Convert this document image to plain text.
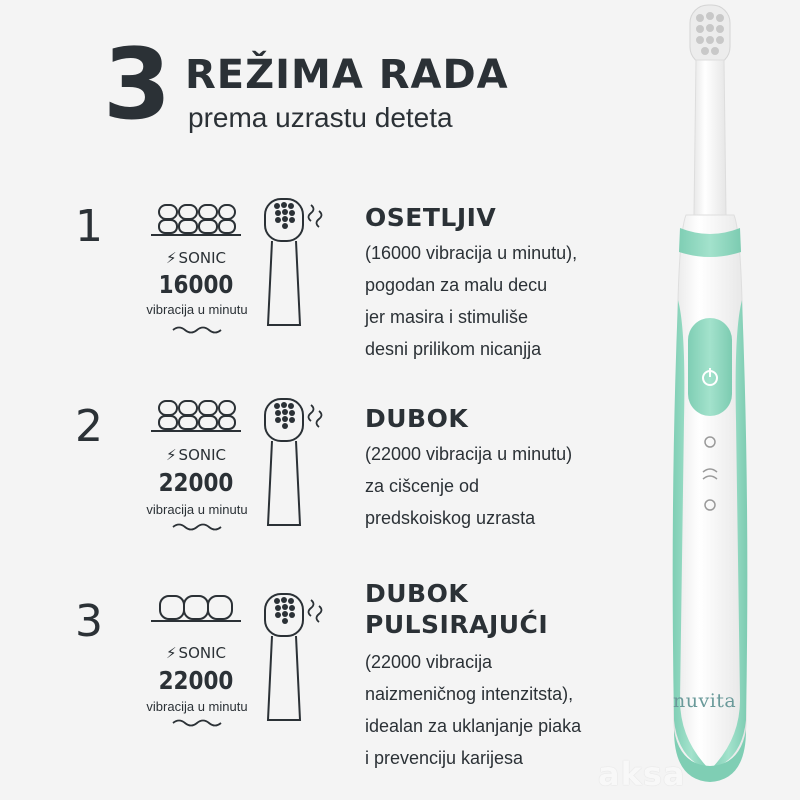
3 REŽIMA RADA
prema uzrastu deteta
1
⚡ SONIC
16000
vibracija u minutu
OSETLJIV
(16000 vibracija u minutu),
pogodan za malu decu
jer masira i stimuliše
desni prilikom nicanjja
2
⚡ SONIC
22000
vibracija u minutu
DUBOK
(22000 vibracija u minutu)
za cišcenje od
predskoiskog uzrasta
3
⚡ SONIC
22000
vibracija u minutu
DUBOK
PULSIRAJUĆI
(22000 vibracija
naizmeničnog intenzitsta),
idealan za uklanjanje piaka
i prevenciju karijesa
nuvita
aksa
